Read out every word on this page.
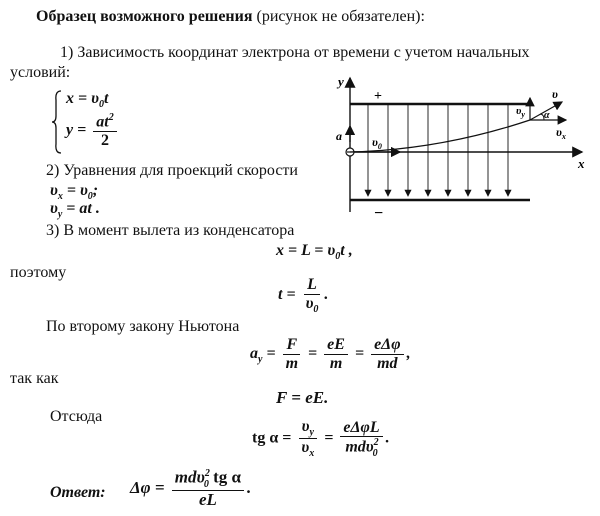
Образец возможного решения (рисунок не обязателен):
1) Зависимость координат электрона от времени с учетом начальных
условий:
$x = \upsilon_0t$
$y = \frac{at^2}{2}$
2) Уравнения для проекций скорости
$\upsilon_x = \upsilon_0$;
$\upsilon_y$ = at .
3) В момент вылета из конденсатора
$x = L = \upsilon_0t$ ,
поэтому
$t = \frac{L}{\upsilon_0}$ .
По второму закону Ньютона
$a_y = \frac{F}{m} = \frac{eE}{m} = \frac{\text{eΔφ}}{md}$ ,
так как
F = eE.
Отсюда
tg $\alpha = \frac{\upsilon_y}{\upsilon_x} = \frac{\text{eΔφL}}{md\upsilon^2_0}$ .
Ответ: $\Delta\varphi = \frac{md\upsilon^2_0 tg \alpha}{eL}$ .
+
−
y
x
a	$\upsilon_0$
$\upsilon_y$
υ
$\upsilon_x$
α
